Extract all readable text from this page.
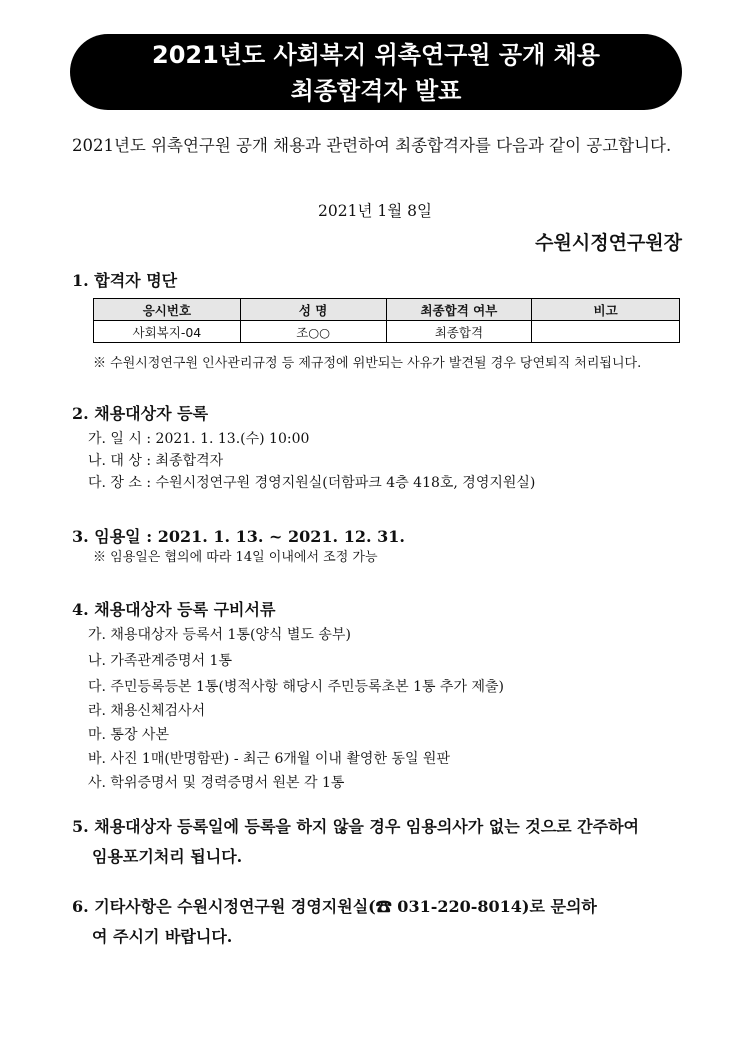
2021년도 사회복지 위촉연구원 공개 채용
최종합격자 발표
2021년도 위촉연구원 공개 채용과 관련하여 최종합격자를 다음과 같이 공고합니다.
2021년 1월 8일
수원시정연구원장
1. 합격자 명단
응시번호	성 명	최종합격 여부	비고
사회복지-04	조○○	최종합격	
※ 수원시정연구원 인사관리규정 등 제규정에 위반되는 사유가 발견될 경우 당연퇴직 처리됩니다.
2. 채용대상자 등록
가. 일 시 : 2021. 1. 13.(수) 10:00
나. 대 상 : 최종합격자
다. 장 소 : 수원시정연구원 경영지원실(더함파크 4층 418호, 경영지원실)
3. 임용일 : 2021. 1. 13. ~ 2021. 12. 31.
※ 임용일은 협의에 따라 14일 이내에서 조정 가능
4. 채용대상자 등록 구비서류
가. 채용대상자 등록서 1통(양식 별도 송부)
나. 가족관계증명서 1통
다. 주민등록등본 1통(병적사항 해당시 주민등록초본 1통 추가 제출)
라. 채용신체검사서
마. 통장 사본
바. 사진 1매(반명함판) - 최근 6개월 이내 촬영한 동일 원판
사. 학위증명서 및 경력증명서 원본 각 1통
5. 채용대상자 등록일에 등록을 하지 않을 경우 임용의사가 없는 것으로 간주하여
임용포기처리 됩니다.
6. 기타사항은 수원시정연구원 경영지원실(☎ 031-220-8014)로 문의하
여 주시기 바랍니다.
